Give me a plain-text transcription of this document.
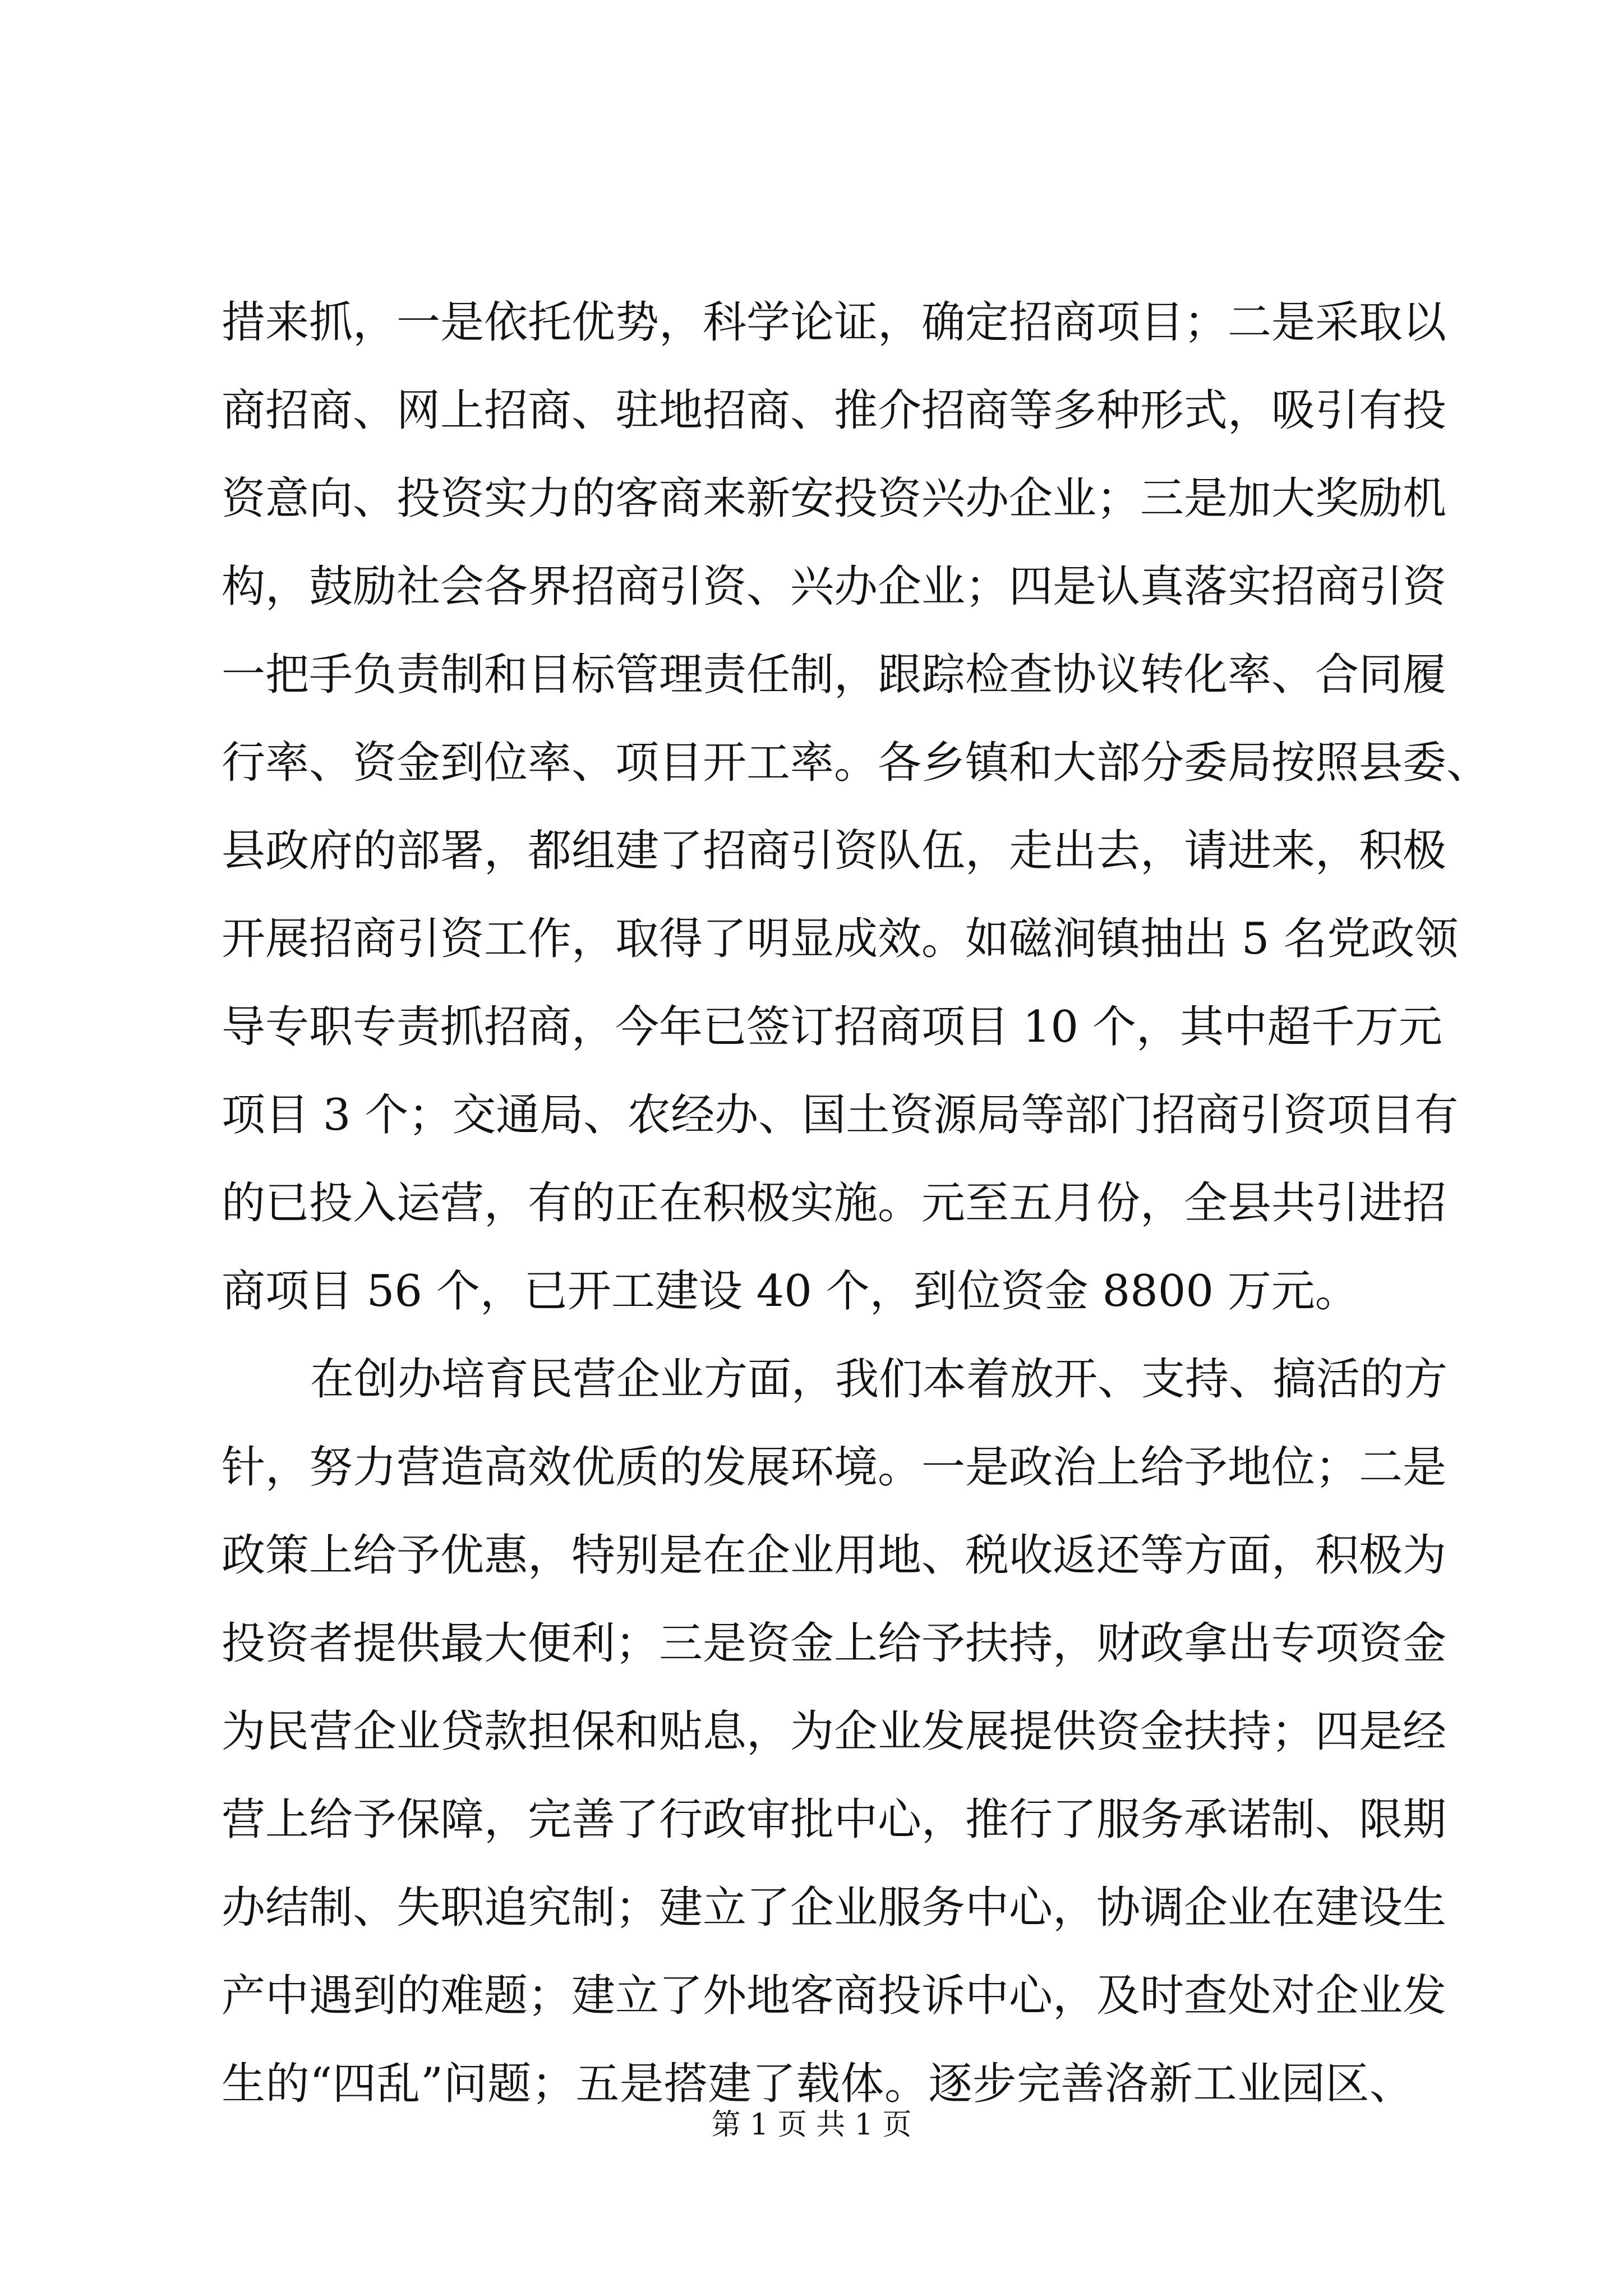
措来抓，一是依托优势，科学论证，确定招商项目；二是采取以
商招商、网上招商、驻地招商、推介招商等多种形式，吸引有投
资意向、投资实力的客商来新安投资兴办企业；三是加大奖励机
构，鼓励社会各界招商引资、兴办企业；四是认真落实招商引资
一把手负责制和目标管理责任制，跟踪检查协议转化率、合同履
行率、资金到位率、项目开工率。各乡镇和大部分委局按照县委、
县政府的部署，都组建了招商引资队伍，走出去，请进来，积极
开展招商引资工作，取得了明显成效。如磁涧镇抽出 5 名党政领
导专职专责抓招商，今年已签订招商项目 10 个，其中超千万元
项目 3 个；交通局、农经办、国土资源局等部门招商引资项目有
的已投入运营，有的正在积极实施。元至五月份，全县共引进招
商项目 56 个，已开工建设 40 个，到位资金 8800 万元。
在创办培育民营企业方面，我们本着放开、支持、搞活的方
针，努力营造高效优质的发展环境。一是政治上给予地位；二是
政策上给予优惠，特别是在企业用地、税收返还等方面，积极为
投资者提供最大便利；三是资金上给予扶持，财政拿出专项资金
为民营企业贷款担保和贴息，为企业发展提供资金扶持；四是经
营上给予保障，完善了行政审批中心，推行了服务承诺制、限期
办结制、失职追究制；建立了企业服务中心，协调企业在建设生
产中遇到的难题；建立了外地客商投诉中心，及时查处对企业发
生的“四乱”问题；五是搭建了载体。逐步完善洛新工业园区、
第 1 页 共 1 页
